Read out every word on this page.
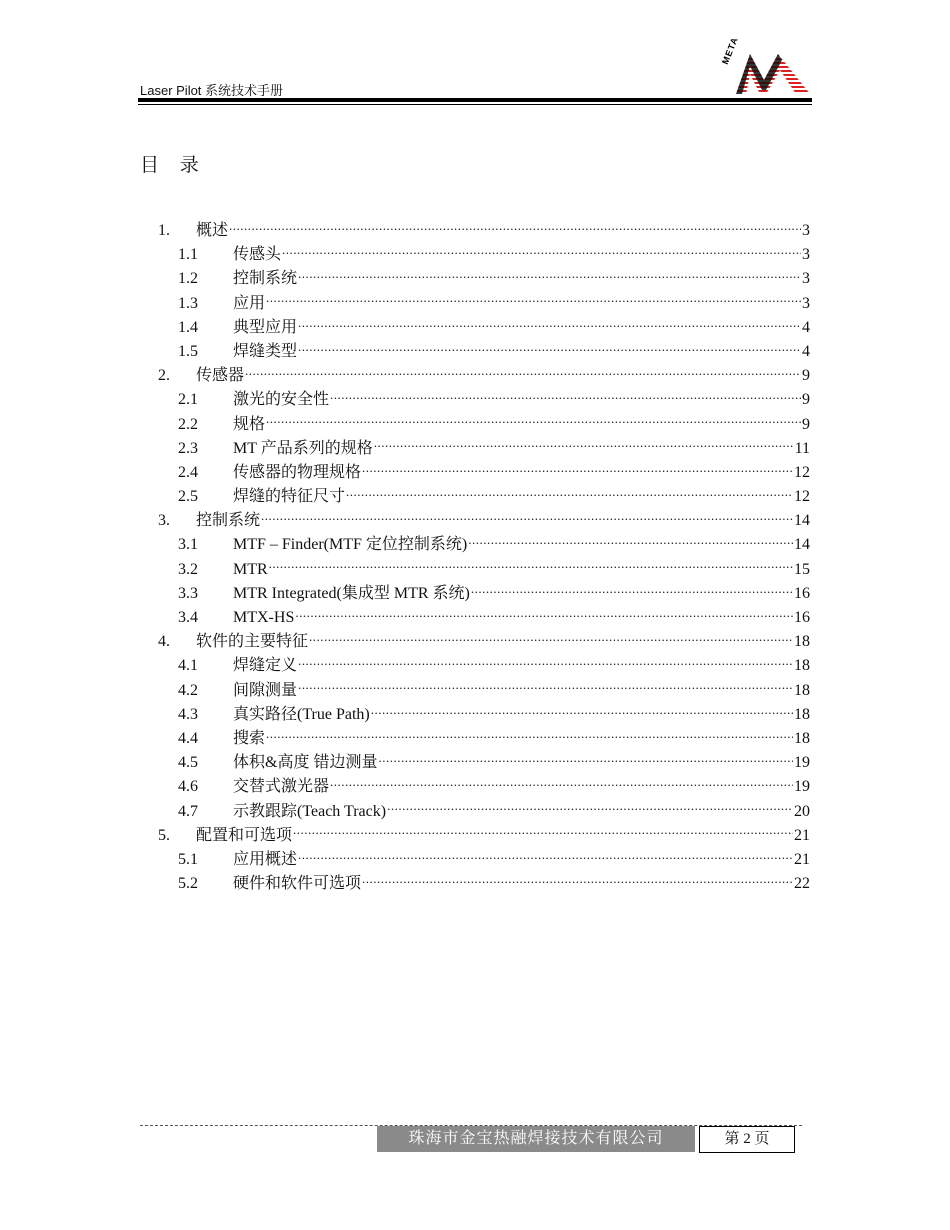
Laser Pilot 系统技术手册
META
目 录
1.	概述 .....	3
1.1	传感头 .....	3
1.2	控制系统 .....	3
1.3	应用 .....	3
1.4	典型应用 .....	4
1.5	焊缝类型 .....	4
2.	传感器 .....	9
2.1	激光的安全性 .....	9
2.2	规格 .....	9
2.3	MT 产品系列的规格 .....	11
2.4	传感器的物理规格 .....	12
2.5	焊缝的特征尺寸 .....	12
3.	控制系统 .....	14
3.1	MTF – Finder(MTF 定位控制系统) .....	14
3.2	MTR .....	15
3.3	MTR Integrated(集成型 MTR 系统) .....	16
3.4	MTX-HS .....	16
4.	软件的主要特征 .....	18
4.1	焊缝定义 .....	18
4.2	间隙测量 .....	18
4.3	真实路径(True Path) .....	18
4.4	搜索 .....	18
4.5	体积&高度 错边测量 .....	19
4.6	交替式激光器 .....	19
4.7	示教跟踪(Teach Track) .....	20
5.	配置和可选项 .....	21
5.1	应用概述 .....	21
5.2	硬件和软件可选项 .....	22
珠海市金宝热融焊接技术有限公司	第 2 页
